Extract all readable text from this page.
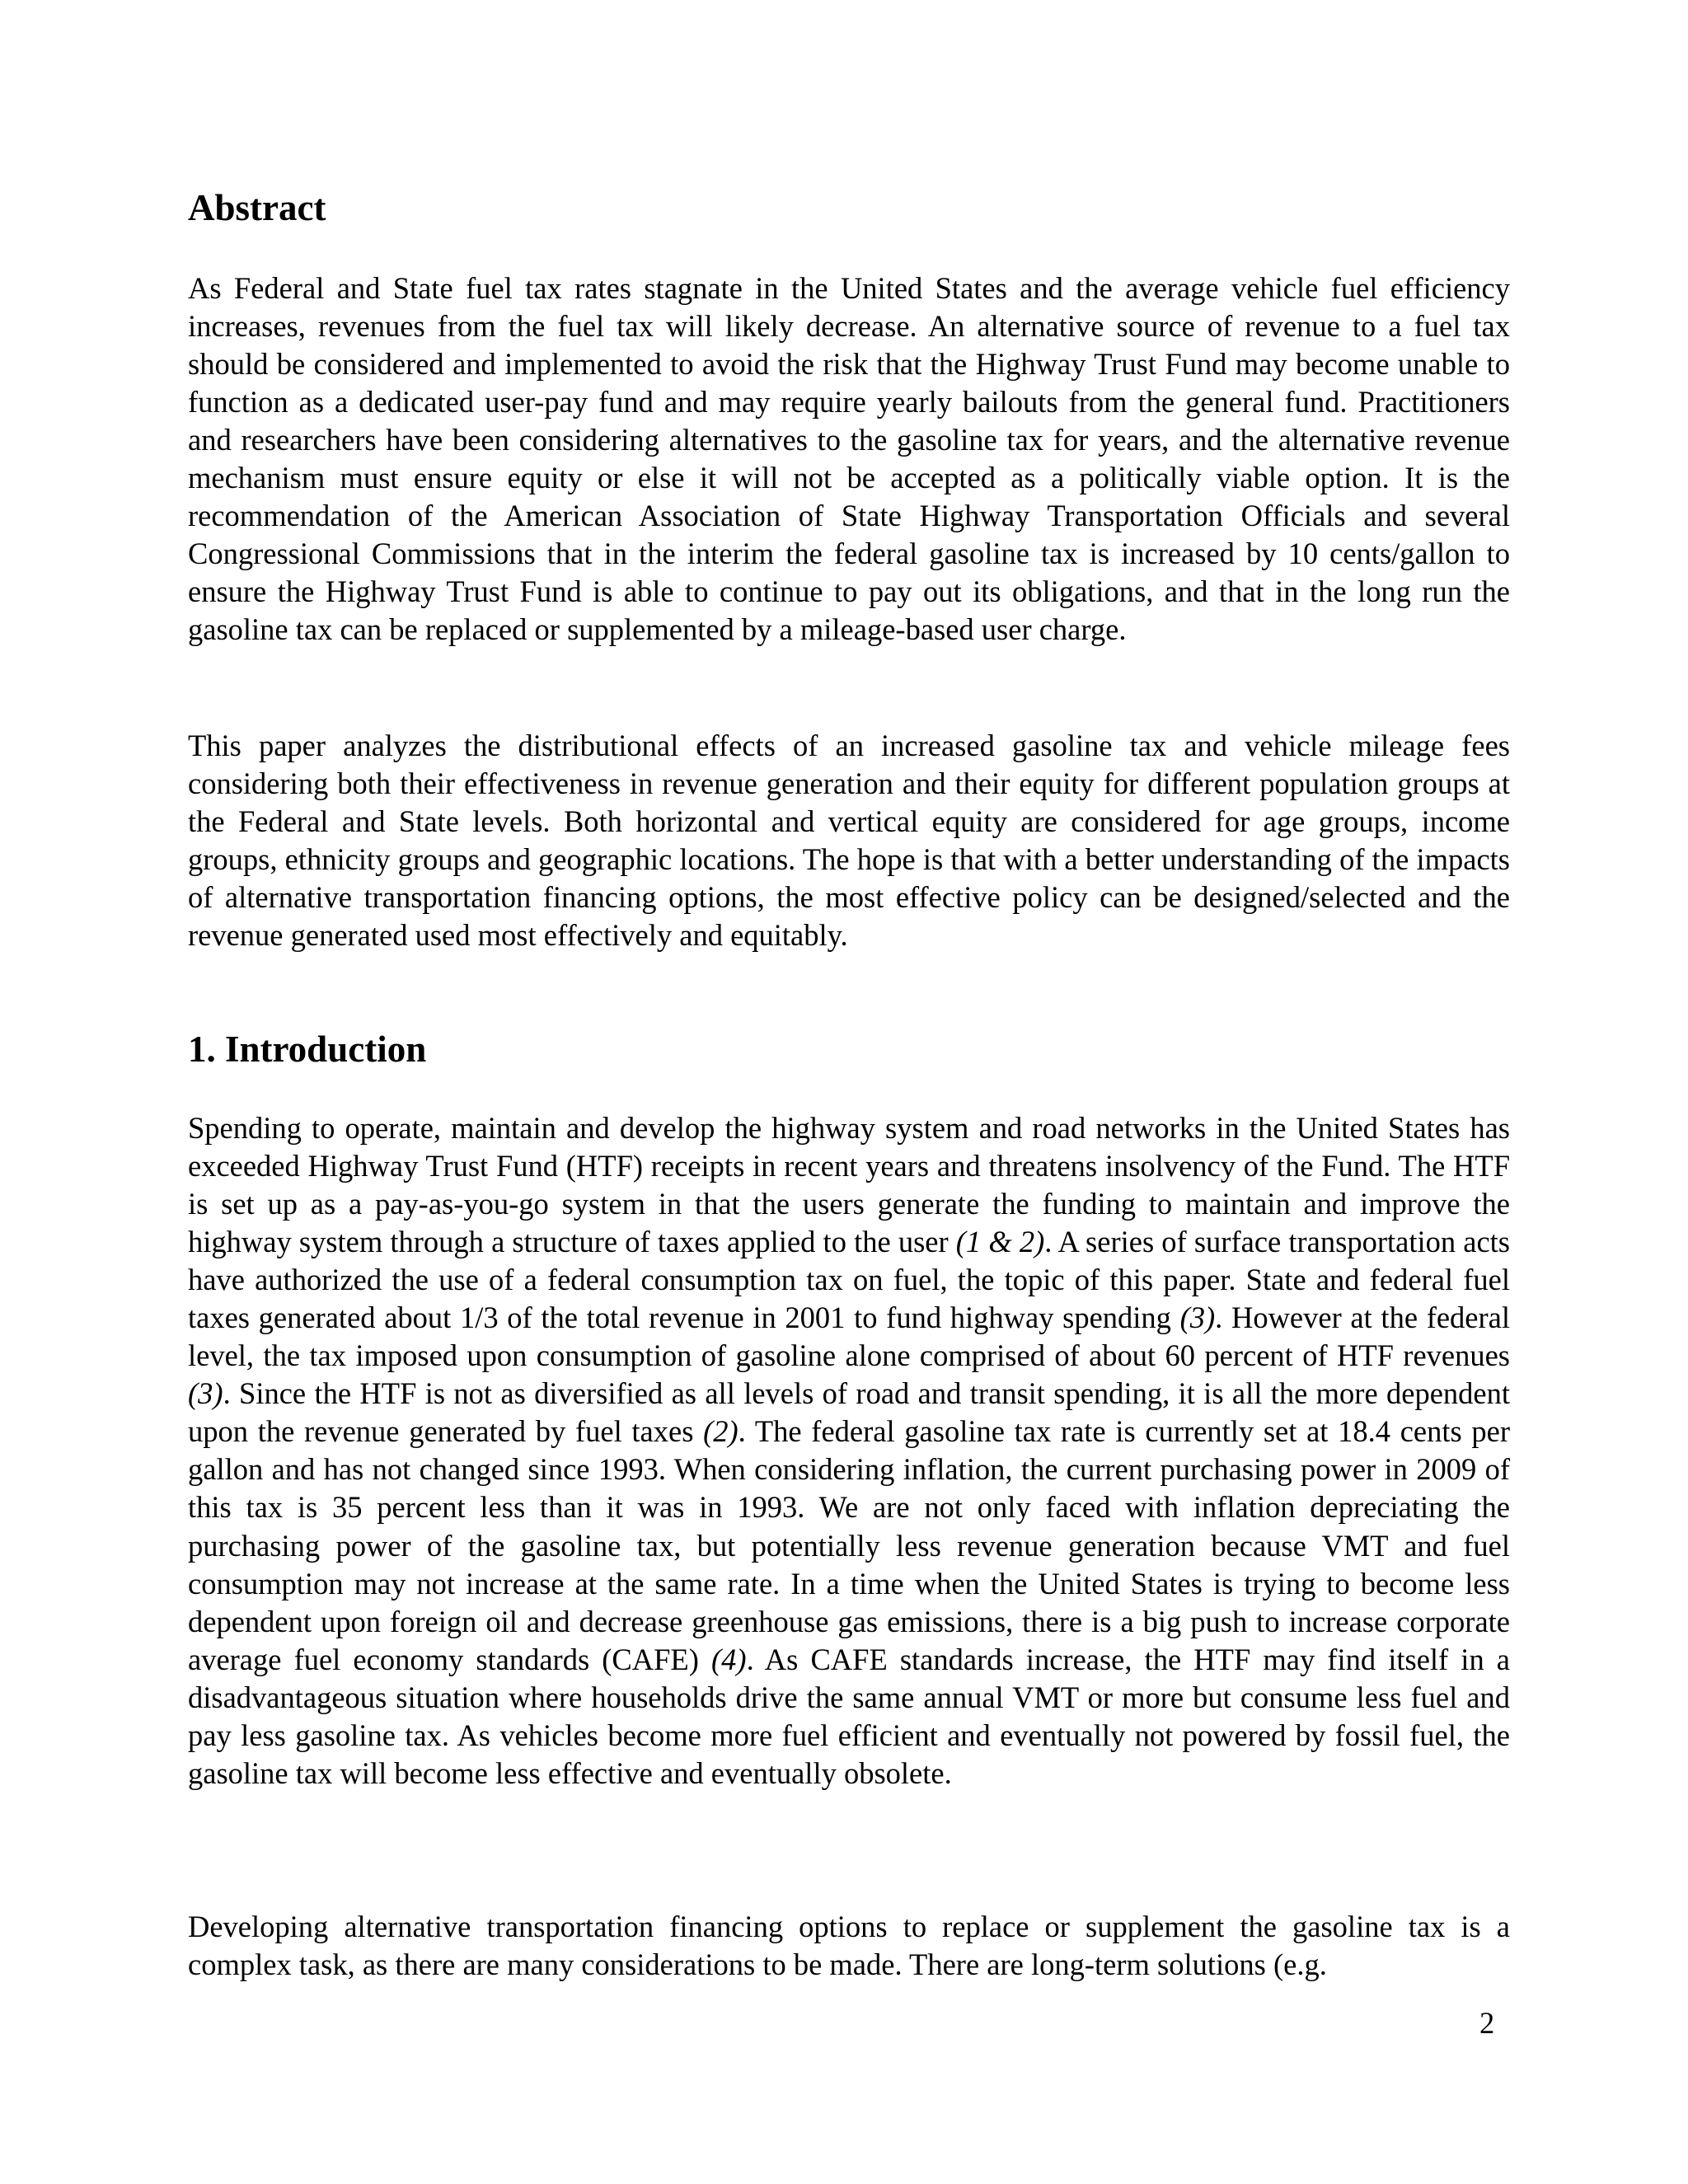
Abstract

As Federal and State fuel tax rates stagnate in the United States and the average vehicle fuel efficiency increases, revenues from the fuel tax will likely decrease. An alternative source of revenue to a fuel tax should be considered and implemented to avoid the risk that the Highway Trust Fund may become unable to function as a dedicated user-pay fund and may require yearly bailouts from the general fund. Practitioners and researchers have been considering alternatives to the gasoline tax for years, and the alternative revenue mechanism must ensure equity or else it will not be accepted as a politically viable option. It is the recommendation of the American Association of State Highway Transportation Officials and several Congressional Commissions that in the interim the federal gasoline tax is increased by 10 cents/gallon to ensure the Highway Trust Fund is able to continue to pay out its obligations, and that in the long run the gasoline tax can be replaced or supplemented by a mileage-based user charge.

This paper analyzes the distributional effects of an increased gasoline tax and vehicle mileage fees considering both their effectiveness in revenue generation and their equity for different population groups at the Federal and State levels. Both horizontal and vertical equity are considered for age groups, income groups, ethnicity groups and geographic locations. The hope is that with a better understanding of the impacts of alternative transportation financing options, the most effective policy can be designed/selected and the revenue generated used most effectively and equitably.

1. Introduction

Spending to operate, maintain and develop the highway system and road networks in the United States has exceeded Highway Trust Fund (HTF) receipts in recent years and threatens insolvency of the Fund. The HTF is set up as a pay-as-you-go system in that the users generate the funding to maintain and improve the highway system through a structure of taxes applied to the user (1 & 2). A series of surface transportation acts have authorized the use of a federal consumption tax on fuel, the topic of this paper. State and federal fuel taxes generated about 1/3 of the total revenue in 2001 to fund highway spending (3). However at the federal level, the tax imposed upon consumption of gasoline alone comprised of about 60 percent of HTF revenues (3). Since the HTF is not as diversified as all levels of road and transit spending, it is all the more dependent upon the revenue generated by fuel taxes (2). The federal gasoline tax rate is currently set at 18.4 cents per gallon and has not changed since 1993. When considering inflation, the current purchasing power in 2009 of this tax is 35 percent less than it was in 1993. We are not only faced with inflation depreciating the purchasing power of the gasoline tax, but potentially less revenue generation because VMT and fuel consumption may not increase at the same rate. In a time when the United States is trying to become less dependent upon foreign oil and decrease greenhouse gas emissions, there is a big push to increase corporate average fuel economy standards (CAFE) (4). As CAFE standards increase, the HTF may find itself in a disadvantageous situation where households drive the same annual VMT or more but consume less fuel and pay less gasoline tax. As vehicles become more fuel efficient and eventually not powered by fossil fuel, the gasoline tax will become less effective and eventually obsolete.

Developing alternative transportation financing options to replace or supplement the gasoline tax is a complex task, as there are many considerations to be made. There are long-term solutions (e.g.

2
